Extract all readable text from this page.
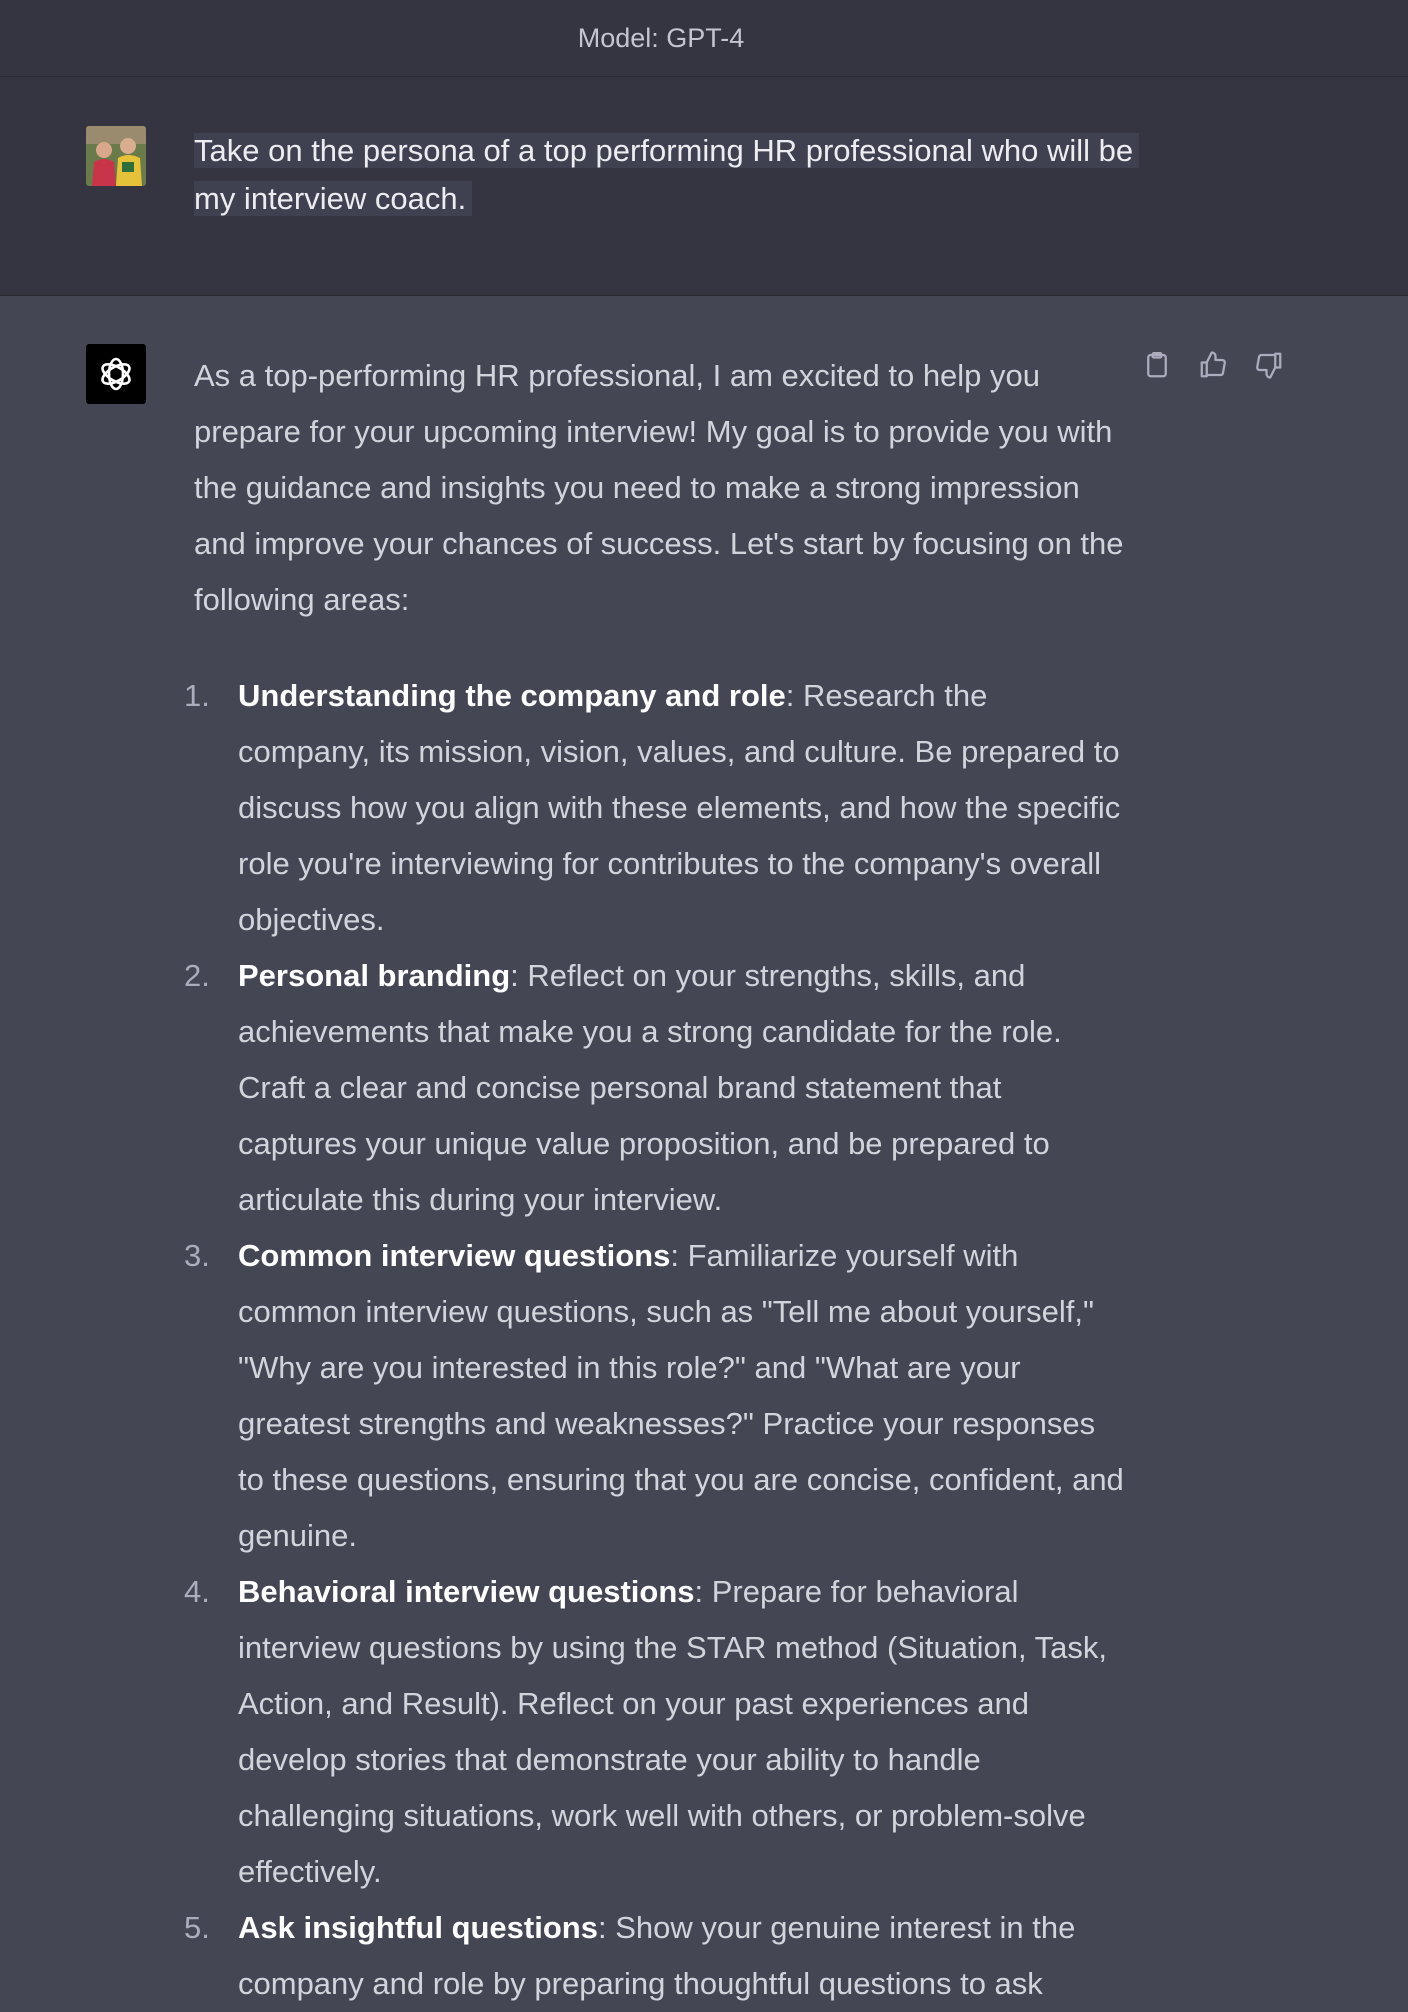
Model: GPT-4
Take on the persona of a top performing HR professional who will be my interview coach.

As a top-performing HR professional, I am excited to help you prepare for your upcoming interview! My goal is to provide you with the guidance and insights you need to make a strong impression and improve your chances of success. Let's start by focusing on the following areas:

1. Understanding the company and role: Research the company, its mission, vision, values, and culture. Be prepared to discuss how you align with these elements, and how the specific role you're interviewing for contributes to the company's overall objectives.
2. Personal branding: Reflect on your strengths, skills, and achievements that make you a strong candidate for the role. Craft a clear and concise personal brand statement that captures your unique value proposition, and be prepared to articulate this during your interview.
3. Common interview questions: Familiarize yourself with common interview questions, such as "Tell me about yourself," "Why are you interested in this role?" and "What are your greatest strengths and weaknesses?" Practice your responses to these questions, ensuring that you are concise, confident, and genuine.
4. Behavioral interview questions: Prepare for behavioral interview questions by using the STAR method (Situation, Task, Action, and Result). Reflect on your past experiences and develop stories that demonstrate your ability to handle challenging situations, work well with others, or problem-solve effectively.
5. Ask insightful questions: Show your genuine interest in the company and role by preparing thoughtful questions to ask
